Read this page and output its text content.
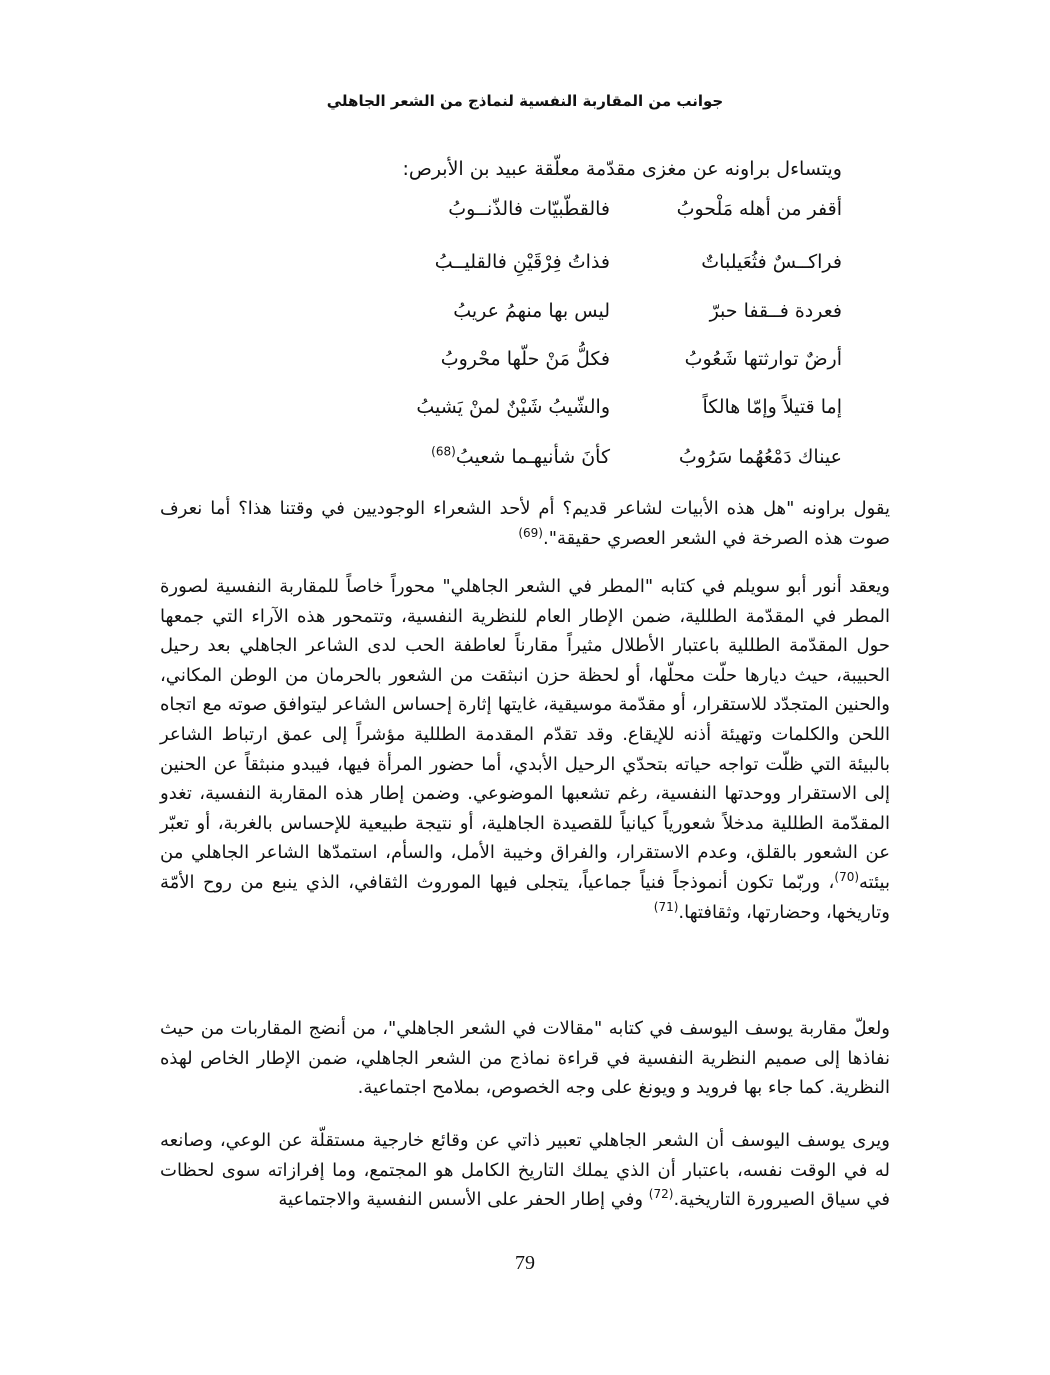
جوانب من المقاربة النفسية لنماذج من الشعر الجاهلي
ويتساءل براونه عن مغزى مقدّمة معلّقة عبيد بن الأبرص:
أقفر من أهله مَلْحوبُ
فالقطّبيّات فالذّنــوبُ
فراكــسٌ فثُعَيلباتٌ
فذاتُ فِرْقَيْنِ فالقليــبُ
فعردة فــقفا حبرّ
ليس بها منهمُ عريبُ
أرضٌ توارثتها شَعُوبُ
فكلُّ مَنْ حلّها محْروبُ
إما قتيلاً وإمّا هالكاً
والشّيبُ شَيْنٌ لمنْ يَشيبُ
عيناك دَمْعُهُما سَرُوبُ
كأنَ شأنيهـما شعيبُ$^{(68)}$

يقول براونه "هل هذه الأبيات لشاعر قديم؟ أم لأحد الشعراء الوجوديين في وقتنا هذا؟ أما نعرف صوت هذه الصرخة في الشعر العصري حقيقة".$^{(69)}$

ويعقد أنور أبو سويلم في كتابه "المطر في الشعر الجاهلي" محوراً خاصاً للمقاربة النفسية لصورة المطر في المقدّمة الطللية، ضمن الإطار العام للنظرية النفسية، وتتمحور هذه الآراء التي جمعها حول المقدّمة الطللية باعتبار الأطلال مثيراً مقارناً لعاطفة الحب لدى الشاعر الجاهلي بعد رحيل الحبيبة، حيث ديارها حلّت محلّها، أو لحظة حزن انبثقت من الشعور بالحرمان من الوطن المكاني، والحنين المتجدّد للاستقرار، أو مقدّمة موسيقية، غايتها إثارة إحساس الشاعر ليتوافق صوته مع اتجاه اللحن والكلمات وتهيئة أذنه للإيقاع. وقد تقدّم المقدمة الطللية مؤشراً إلى عمق ارتباط الشاعر بالبيئة التي ظلّت تواجه حياته بتحدّي الرحيل الأبدي، أما حضور المرأة فيها، فيبدو منبثقاً عن الحنين إلى الاستقرار ووحدتها النفسية، رغم تشعبها الموضوعي. وضمن إطار هذه المقاربة النفسية، تغدو المقدّمة الطللية مدخلاً شعورياً كيانياً للقصيدة الجاهلية، أو نتيجة طبيعية للإحساس بالغربة، أو تعبّر عن الشعور بالقلق، وعدم الاستقرار، والفراق وخيبة الأمل، والسأم، استمدّها الشاعر الجاهلي من بيئته$^{(70)}$، وربّما تكون أنموذجاً فنياً جماعياً، يتجلى فيها الموروث الثقافي، الذي ينبع من روح الأمّة وتاريخها، وحضارتها، وثقافتها.$^{(71)}$

ولعلّ مقاربة يوسف اليوسف في كتابه "مقالات في الشعر الجاهلي"، من أنضج المقاربات من حيث نفاذها إلى صميم النظرية النفسية في قراءة نماذج من الشعر الجاهلي، ضمن الإطار الخاص لهذه النظرية. كما جاء بها فرويد و ويونغ على وجه الخصوص، بملامح اجتماعية.

ويرى يوسف اليوسف أن الشعر الجاهلي تعبير ذاتي عن وقائع خارجية مستقلّة عن الوعي، وصانعه له في الوقت نفسه، باعتبار أن الذي يملك التاريخ الكامل هو المجتمع، وما إفرازاته سوى لحظات في سياق الصيرورة التاريخية.$^{(72)}$ وفي إطار الحفر على الأسس النفسية والاجتماعية

79
